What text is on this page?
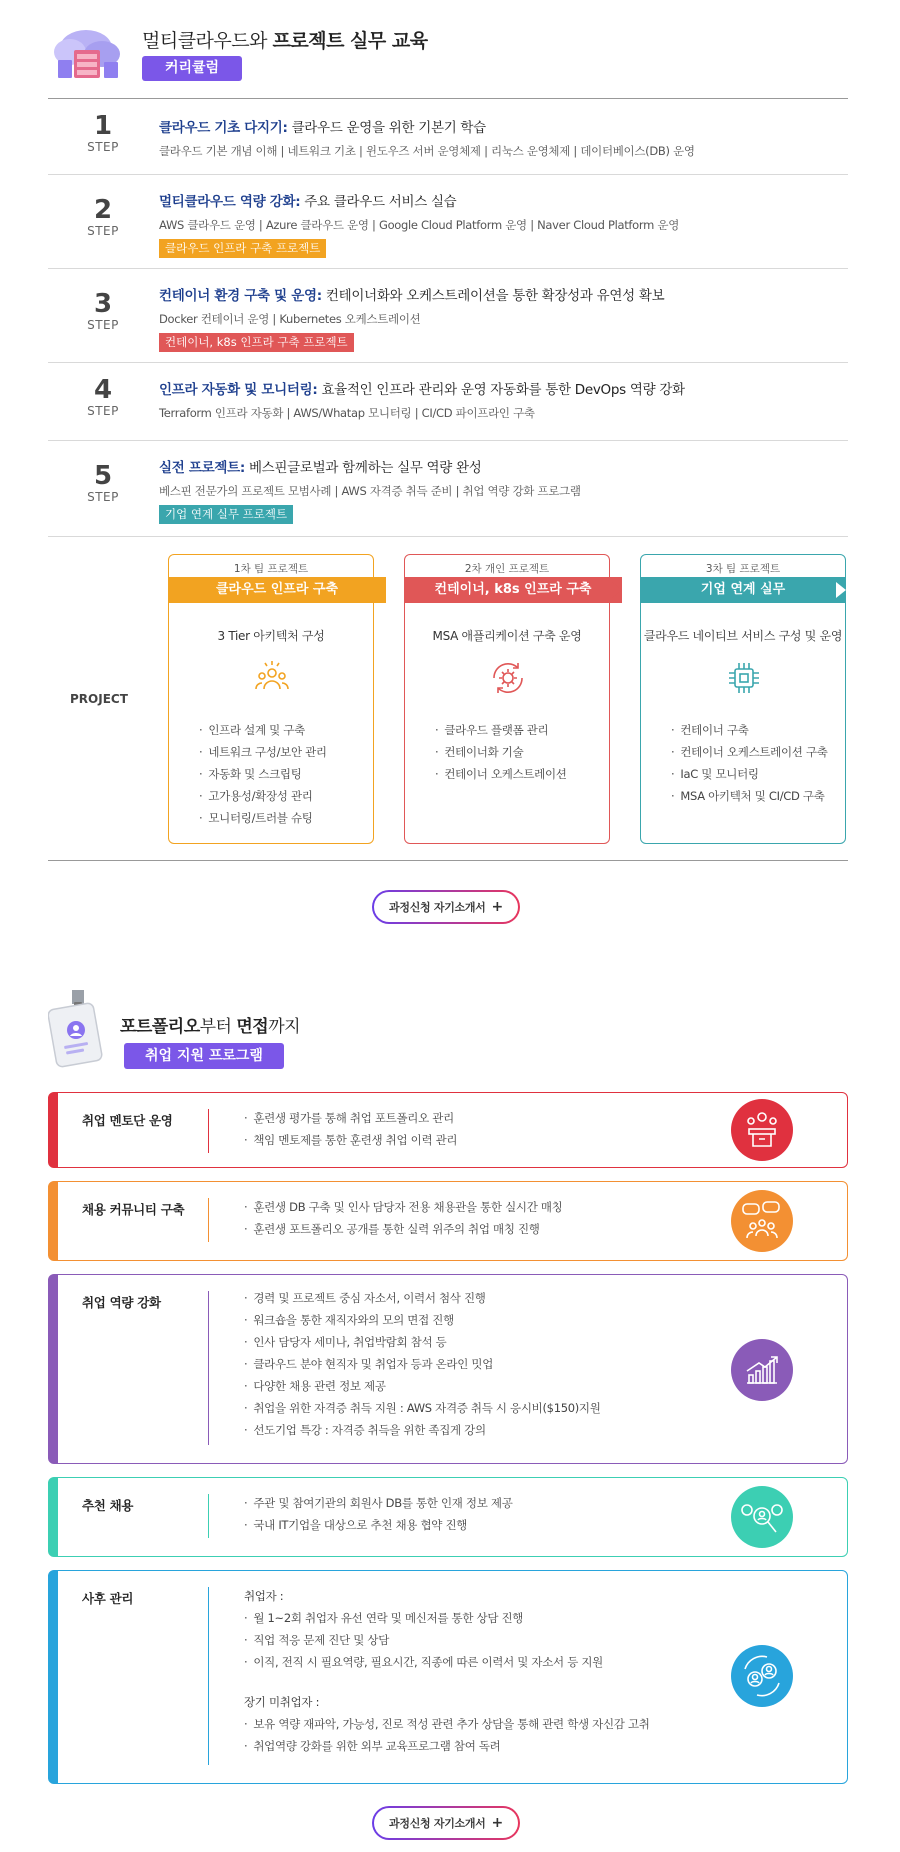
멀티클라우드와 프로젝트 실무 교육
커리큘럼
1
STEP
클라우드 기초 다지기: 클라우드 운영을 위한 기본기 학습
클라우드 기본 개념 이해 | 네트워크 기초 | 윈도우즈 서버 운영체제 | 리눅스 운영체제 | 데이터베이스(DB) 운영
2
STEP
멀티클라우드 역량 강화: 주요 클라우드 서비스 실습
AWS 클라우드 운영 | Azure 클라우드 운영 | Google Cloud Platform 운영 | Naver Cloud Platform 운영
클라우드 인프라 구축 프로젝트
3
STEP
컨테이너 환경 구축 및 운영: 컨테이너화와 오케스트레이션을 통한 확장성과 유연성 확보
Docker 컨테이너 운영 | Kubernetes 오케스트레이션
컨테이너, k8s 인프라 구축 프로젝트
4
STEP
인프라 자동화 및 모니터링: 효율적인 인프라 관리와 운영 자동화를 통한 DevOps 역량 강화
Terraform 인프라 자동화 | AWS/Whatap 모니터링 | CI/CD 파이프라인 구축
5
STEP
실전 프로젝트: 베스핀글로벌과 함께하는 실무 역량 완성
베스핀 전문가의 프로젝트 모범사례 | AWS 자격증 취득 준비 | 취업 역량 강화 프로그램
기업 연계 실무 프로젝트
PROJECT
1차 팀 프로젝트
클라우드 인프라 구축
3 Tier 아키텍처 구성
· 인프라 설계 및 구축
· 네트워크 구성/보안 관리
· 자동화 및 스크립팅
· 고가용성/확장성 관리
· 모니터링/트러블 슈팅
2차 개인 프로젝트
컨테이너, k8s 인프라 구축
MSA 애플리케이션 구축 운영
· 클라우드 플랫폼 관리
· 컨테이너화 기술
· 컨테이너 오케스트레이션
3차 팀 프로젝트
기업 연계 실무
클라우드 네이티브 서비스 구성 및 운영
· 컨테이너 구축
· 컨테이너 오케스트레이션 구축
· IaC 및 모니터링
· MSA 아키텍처 및 CI/CD 구축
과정신청 자기소개서 +
포트폴리오부터 면접까지
취업 지원 프로그램
취업 멘토단 운영	· 훈련생 평가를 통해 취업 포트폴리오 관리
· 책임 멘토제를 통한 훈련생 취업 이력 관리
채용 커뮤니티 구축	· 훈련생 DB 구축 및 인사 담당자 전용 채용관을 통한 실시간 매칭
· 훈련생 포트폴리오 공개를 통한 실력 위주의 취업 매칭 진행
취업 역량 강화	· 경력 및 프로젝트 중심 자소서, 이력서 첨삭 진행
· 워크숍을 통한 재직자와의 모의 면접 진행
· 인사 담당자 세미나, 취업박람회 참석 등
· 클라우드 분야 현직자 및 취업자 등과 온라인 밋업
· 다양한 채용 관련 정보 제공
· 취업을 위한 자격증 취득 지원 : AWS 자격증 취득 시 응시비($150)지원
· 선도기업 특강 : 자격증 취득을 위한 족집게 강의
추천 채용	· 주관 및 참여기관의 회원사 DB를 통한 인재 정보 제공
· 국내 IT기업을 대상으로 추천 채용 협약 진행
사후 관리	취업자 :
· 월 1~2회 취업자 유선 연락 및 메신저를 통한 상담 진행
· 직업 적응 문제 진단 및 상담
· 이직, 전직 시 필요역량, 필요시간, 직종에 따른 이력서 및 자소서 등 지원
장기 미취업자 :
· 보유 역량 재파악, 가능성, 진로 적성 관련 추가 상담을 통해 관련 학생 자신감 고취
· 취업역량 강화를 위한 외부 교육프로그램 참여 독려
과정신청 자기소개서 +
